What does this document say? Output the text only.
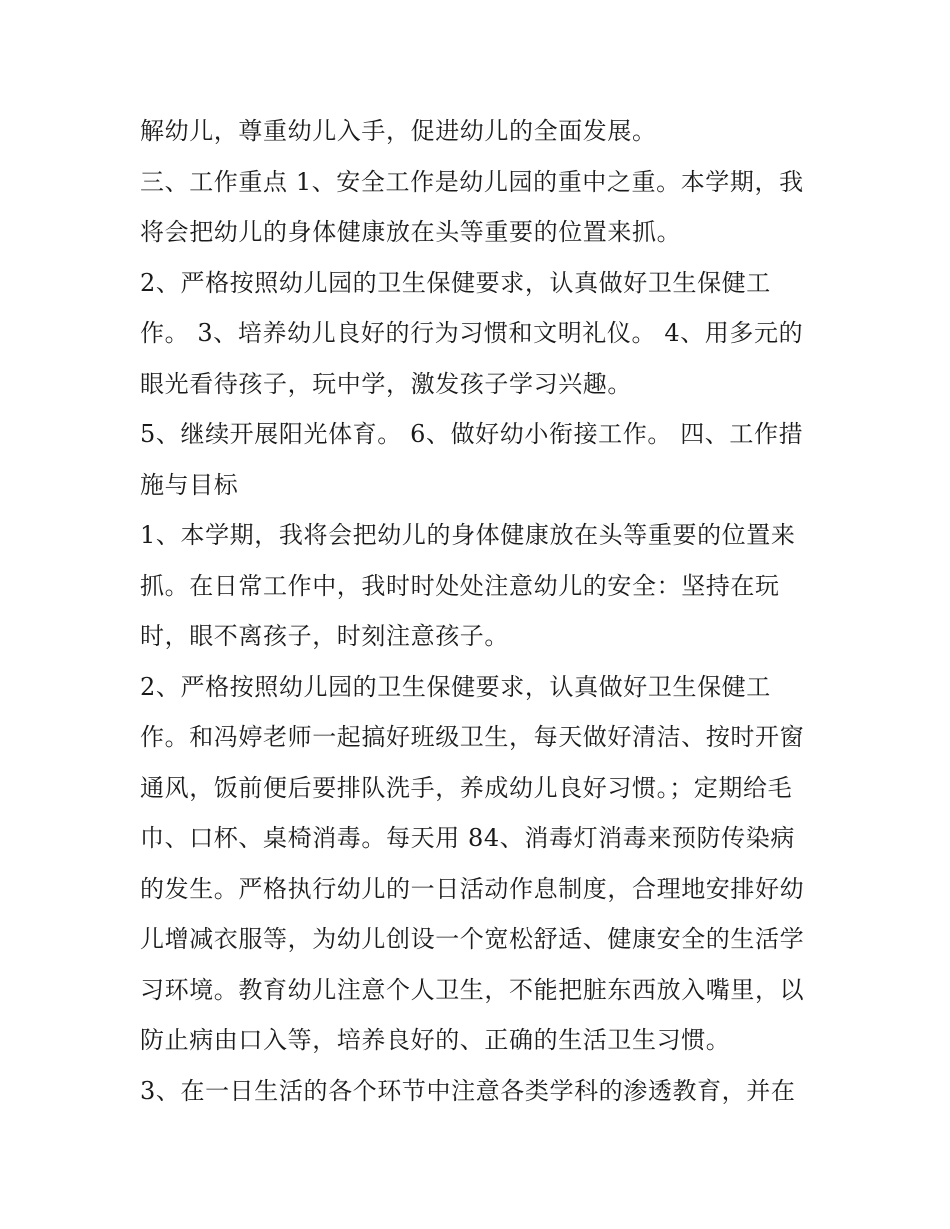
解幼儿，尊重幼儿入手，促进幼儿的全面发展。
三、工作重点 1、安全工作是幼儿园的重中之重。本学期，我
将会把幼儿的身体健康放在头等重要的位置来抓。
2、严格按照幼儿园的卫生保健要求，认真做好卫生保健工
作。 3、培养幼儿良好的行为习惯和文明礼仪。 4、用多元的
眼光看待孩子，玩中学，激发孩子学习兴趣。
5、继续开展阳光体育。 6、做好幼小衔接工作。 四、工作措
施与目标
1、本学期，我将会把幼儿的身体健康放在头等重要的位置来
抓。在日常工作中，我时时处处注意幼儿的安全：坚持在玩
时，眼不离孩子，时刻注意孩子。
2、严格按照幼儿园的卫生保健要求，认真做好卫生保健工
作。和冯婷老师一起搞好班级卫生，每天做好清洁、按时开窗
通风，饭前便后要排队洗手，养成幼儿良好习惯。；定期给毛
巾、口杯、桌椅消毒。每天用 84、消毒灯消毒来预防传染病
的发生。严格执行幼儿的一日活动作息制度，合理地安排好幼
儿增减衣服等，为幼儿创设一个宽松舒适、健康安全的生活学
习环境。教育幼儿注意个人卫生，不能把脏东西放入嘴里，以
防止病由口入等，培养良好的、正确的生活卫生习惯。
3、在一日生活的各个环节中注意各类学科的渗透教育，并在
